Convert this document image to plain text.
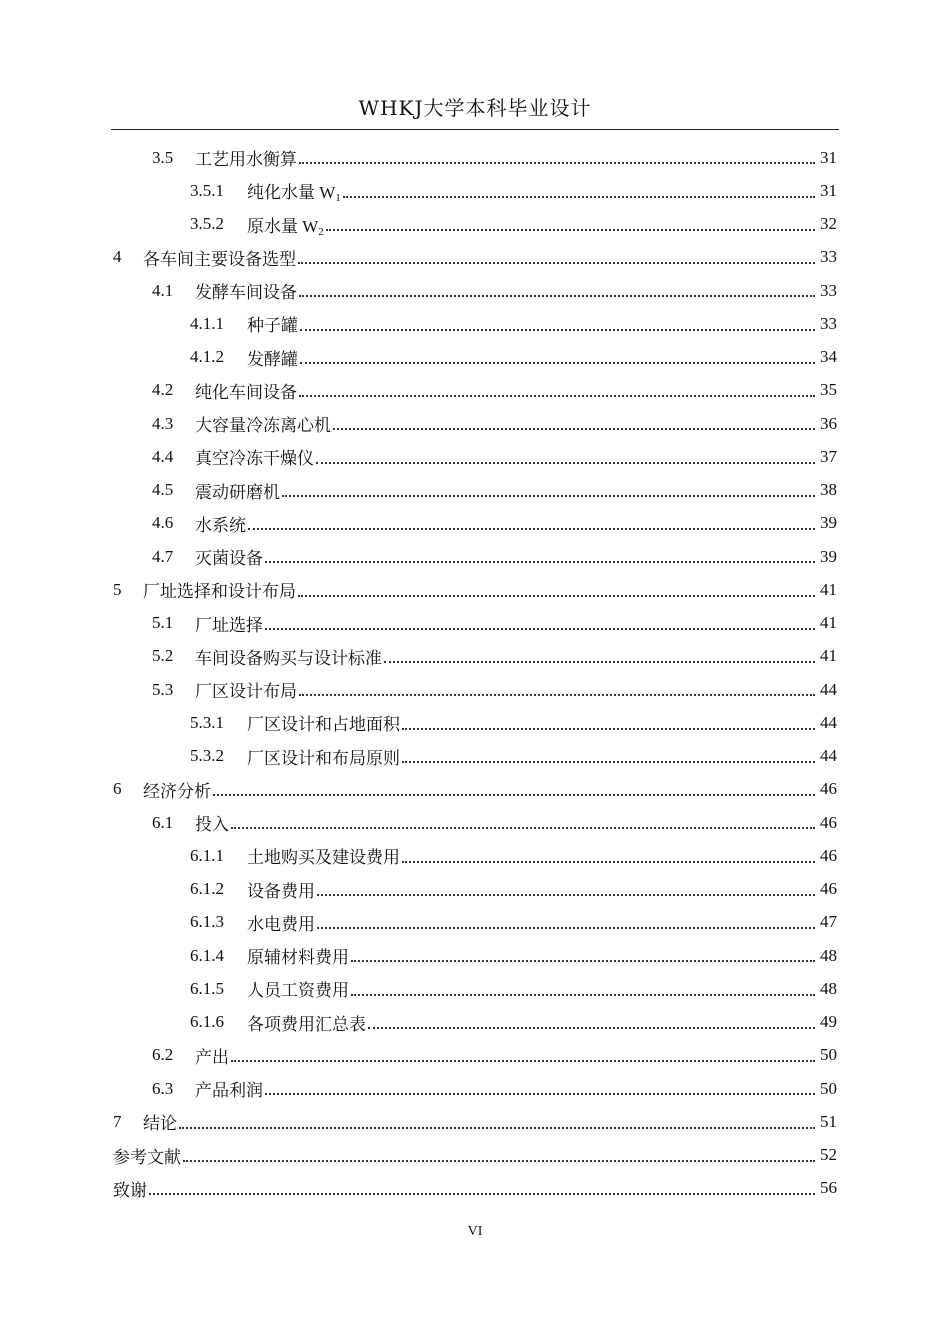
WHKJ大学本科毕业设计
3.5	工艺用水衡算	31
3.5.1	纯化水量 $W_1$	31
3.5.2	原水量 $W_2$	32
4	各车间主要设备选型	33
4.1	发酵车间设备	33
4.1.1	种子罐	33
4.1.2	发酵罐	34
4.2	纯化车间设备	35
4.3	大容量冷冻离心机	36
4.4	真空冷冻干燥仪	37
4.5	震动研磨机	38
4.6	水系统	39
4.7	灭菌设备	39
5	厂址选择和设计布局	41
5.1	厂址选择	41
5.2	车间设备购买与设计标准	41
5.3	厂区设计布局	44
5.3.1	厂区设计和占地面积	44
5.3.2	厂区设计和布局原则	44
6	经济分析	46
6.1	投入	46
6.1.1	土地购买及建设费用	46
6.1.2	设备费用	46
6.1.3	水电费用	47
6.1.4	原辅材料费用	48
6.1.5	人员工资费用	48
6.1.6	各项费用汇总表	49
6.2	产出	50
6.3	产品利润	50
7	结论	51
参考文献	52
致谢	56
VI
